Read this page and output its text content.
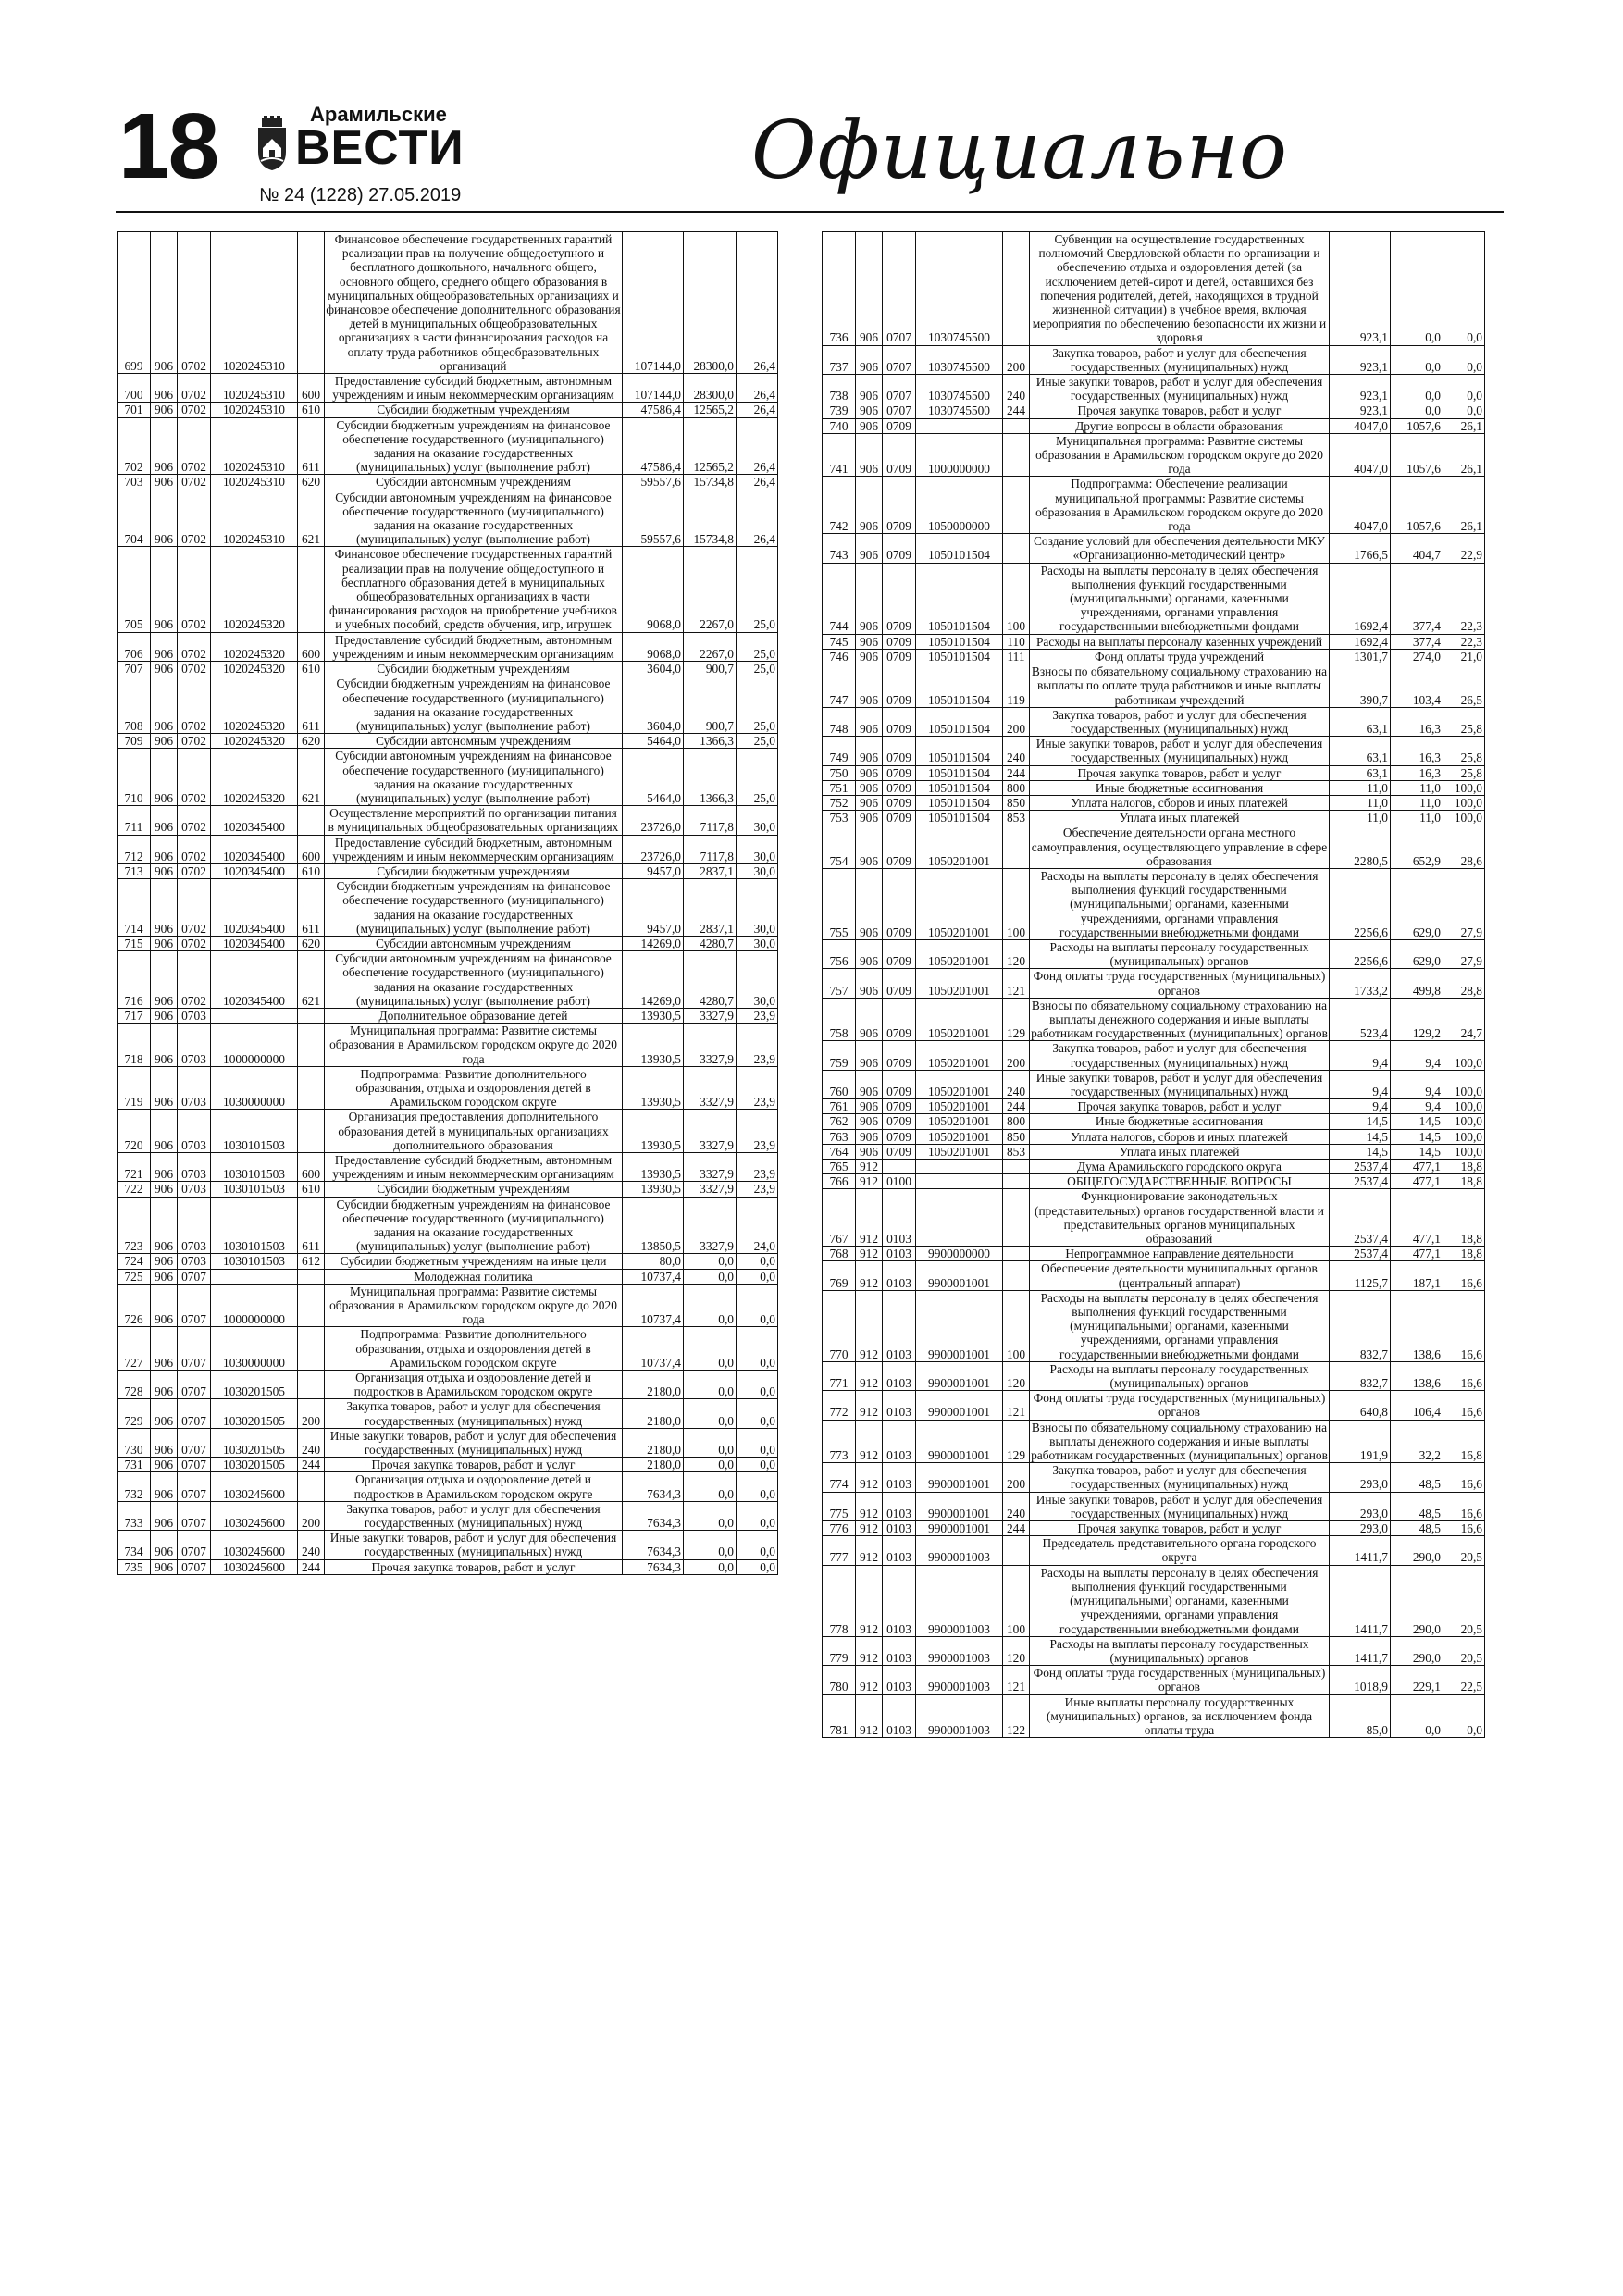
18	Арамильские
ВЕСТИ
№ 24 (1228) 27.05.2019	Официально
699	906	0702	1020245310		Финансовое обеспечение государственных гарантий реализации прав на получение общедоступного и бесплатного дошкольного, начального общего, основного общего, среднего общего образования в муниципальных общеобразовательных организациях и финансовое обеспечение дополнительного образования детей в муниципальных общеобразовательных организациях в части финансирования расходов на оплату труда работников общеобразовательных организаций	107144,0	28300,0	26,4
700	906	0702	1020245310	600	Предоставление субсидий бюджетным, автономным учреждениям и иным некоммерческим организациям	107144,0	28300,0	26,4
701	906	0702	1020245310	610	Субсидии бюджетным учреждениям	47586,4	12565,2	26,4
702	906	0702	1020245310	611	Субсидии бюджетным учреждениям на финансовое обеспечение государственного (муниципального) задания на оказание государственных (муниципальных) услуг (выполнение работ)	47586,4	12565,2	26,4
703	906	0702	1020245310	620	Субсидии автономным учреждениям	59557,6	15734,8	26,4
704	906	0702	1020245310	621	Субсидии автономным учреждениям на финансовое обеспечение государственного (муниципального) задания на оказание государственных (муниципальных) услуг (выполнение работ)	59557,6	15734,8	26,4
705	906	0702	1020245320		Финансовое обеспечение государственных гарантий реализации прав на получение общедоступного и бесплатного образования детей в муниципальных общеобразовательных организациях в части финансирования расходов на приобретение учебников и учебных пособий, средств обучения, игр, игрушек	9068,0	2267,0	25,0
706	906	0702	1020245320	600	Предоставление субсидий бюджетным, автономным учреждениям и иным некоммерческим организациям	9068,0	2267,0	25,0
707	906	0702	1020245320	610	Субсидии бюджетным учреждениям	3604,0	900,7	25,0
708	906	0702	1020245320	611	Субсидии бюджетным учреждениям на финансовое обеспечение государственного (муниципального) задания на оказание государственных (муниципальных) услуг (выполнение работ)	3604,0	900,7	25,0
709	906	0702	1020245320	620	Субсидии автономным учреждениям	5464,0	1366,3	25,0
710	906	0702	1020245320	621	Субсидии автономным учреждениям на финансовое обеспечение государственного (муниципального) задания на оказание государственных (муниципальных) услуг (выполнение работ)	5464,0	1366,3	25,0
711	906	0702	1020345400		Осуществление мероприятий по организации питания в муниципальных общеобразовательных организациях	23726,0	7117,8	30,0
712	906	0702	1020345400	600	Предоставление субсидий бюджетным, автономным учреждениям и иным некоммерческим организациям	23726,0	7117,8	30,0
713	906	0702	1020345400	610	Субсидии бюджетным учреждениям	9457,0	2837,1	30,0
714	906	0702	1020345400	611	Субсидии бюджетным учреждениям на финансовое обеспечение государственного (муниципального) задания на оказание государственных (муниципальных) услуг (выполнение работ)	9457,0	2837,1	30,0
715	906	0702	1020345400	620	Субсидии автономным учреждениям	14269,0	4280,7	30,0
716	906	0702	1020345400	621	Субсидии автономным учреждениям на финансовое обеспечение государственного (муниципального) задания на оказание государственных (муниципальных) услуг (выполнение работ)	14269,0	4280,7	30,0
717	906	0703			Дополнительное образование детей	13930,5	3327,9	23,9
718	906	0703	1000000000		Муниципальная программа: Развитие системы образования в Арамильском городском округе до 2020 года	13930,5	3327,9	23,9
719	906	0703	1030000000		Подпрограмма: Развитие дополнительного образования, отдыха и оздоровления детей в Арамильском городском округе	13930,5	3327,9	23,9
720	906	0703	1030101503		Организация предоставления дополнительного образования детей в муниципальных организациях дополнительного образования	13930,5	3327,9	23,9
721	906	0703	1030101503	600	Предоставление субсидий бюджетным, автономным учреждениям и иным некоммерческим организациям	13930,5	3327,9	23,9
722	906	0703	1030101503	610	Субсидии бюджетным учреждениям	13930,5	3327,9	23,9
723	906	0703	1030101503	611	Субсидии бюджетным учреждениям на финансовое обеспечение государственного (муниципального) задания на оказание государственных (муниципальных) услуг (выполнение работ)	13850,5	3327,9	24,0
724	906	0703	1030101503	612	Субсидии бюджетным учреждениям на иные цели	80,0	0,0	0,0
725	906	0707			Молодежная политика	10737,4	0,0	0,0
726	906	0707	1000000000		Муниципальная программа: Развитие системы образования в Арамильском городском округе до 2020 года	10737,4	0,0	0,0
727	906	0707	1030000000		Подпрограмма: Развитие дополнительного образования, отдыха и оздоровления детей в Арамильском городском округе	10737,4	0,0	0,0
728	906	0707	1030201505		Организация отдыха и оздоровление детей и подростков в Арамильском городском округе	2180,0	0,0	0,0
729	906	0707	1030201505	200	Закупка товаров, работ и услуг для обеспечения государственных (муниципальных) нужд	2180,0	0,0	0,0
730	906	0707	1030201505	240	Иные закупки товаров, работ и услуг для обеспечения государственных (муниципальных) нужд	2180,0	0,0	0,0
731	906	0707	1030201505	244	Прочая закупка товаров, работ и услуг	2180,0	0,0	0,0
732	906	0707	1030245600		Организация отдыха и оздоровление детей и подростков в Арамильском городском округе	7634,3	0,0	0,0
733	906	0707	1030245600	200	Закупка товаров, работ и услуг для обеспечения государственных (муниципальных) нужд	7634,3	0,0	0,0
734	906	0707	1030245600	240	Иные закупки товаров, работ и услуг для обеспечения государственных (муниципальных) нужд	7634,3	0,0	0,0
735	906	0707	1030245600	244	Прочая закупка товаров, работ и услуг	7634,3	0,0	0,0
736	906	0707	1030745500		Субвенции на осуществление государственных полномочий Свердловской области по организации и обеспечению отдыха и оздоровления детей (за исключением детей-сирот и детей, оставшихся без попечения родителей, детей, находящихся в трудной жизненной ситуации) в учебное время, включая мероприятия по обеспечению безопасности их жизни и здоровья	923,1	0,0	0,0
737	906	0707	1030745500	200	Закупка товаров, работ и услуг для обеспечения государственных (муниципальных) нужд	923,1	0,0	0,0
738	906	0707	1030745500	240	Иные закупки товаров, работ и услуг для обеспечения государственных (муниципальных) нужд	923,1	0,0	0,0
739	906	0707	1030745500	244	Прочая закупка товаров, работ и услуг	923,1	0,0	0,0
740	906	0709			Другие вопросы в области образования	4047,0	1057,6	26,1
741	906	0709	1000000000		Муниципальная программа: Развитие системы образования в Арамильском городском округе до 2020 года	4047,0	1057,6	26,1
742	906	0709	1050000000		Подпрограмма: Обеспечение реализации муниципальной программы: Развитие системы образования в Арамильском городском округе до 2020 года	4047,0	1057,6	26,1
743	906	0709	1050101504		Создание условий для обеспечения деятельности МКУ «Организационно-методический центр»	1766,5	404,7	22,9
744	906	0709	1050101504	100	Расходы на выплаты персоналу в целях обеспечения выполнения функций государственными (муниципальными) органами, казенными учреждениями, органами управления государственными внебюджетными фондами	1692,4	377,4	22,3
745	906	0709	1050101504	110	Расходы на выплаты персоналу казенных учреждений	1692,4	377,4	22,3
746	906	0709	1050101504	111	Фонд оплаты труда учреждений	1301,7	274,0	21,0
747	906	0709	1050101504	119	Взносы по обязательному социальному страхованию на выплаты по оплате труда работников и иные выплаты работникам учреждений	390,7	103,4	26,5
748	906	0709	1050101504	200	Закупка товаров, работ и услуг для обеспечения государственных (муниципальных) нужд	63,1	16,3	25,8
749	906	0709	1050101504	240	Иные закупки товаров, работ и услуг для обеспечения государственных (муниципальных) нужд	63,1	16,3	25,8
750	906	0709	1050101504	244	Прочая закупка товаров, работ и услуг	63,1	16,3	25,8
751	906	0709	1050101504	800	Иные бюджетные ассигнования	11,0	11,0	100,0
752	906	0709	1050101504	850	Уплата налогов, сборов и иных платежей	11,0	11,0	100,0
753	906	0709	1050101504	853	Уплата иных платежей	11,0	11,0	100,0
754	906	0709	1050201001		Обеспечение деятельности органа местного самоуправления, осуществляющего управление в сфере образования	2280,5	652,9	28,6
755	906	0709	1050201001	100	Расходы на выплаты персоналу в целях обеспечения выполнения функций государственными (муниципальными) органами, казенными учреждениями, органами управления государственными внебюджетными фондами	2256,6	629,0	27,9
756	906	0709	1050201001	120	Расходы на выплаты персоналу государственных (муниципальных) органов	2256,6	629,0	27,9
757	906	0709	1050201001	121	Фонд оплаты труда государственных (муниципальных) органов	1733,2	499,8	28,8
758	906	0709	1050201001	129	Взносы по обязательному социальному страхованию на выплаты денежного содержания и иные выплаты работникам государственных (муниципальных) органов	523,4	129,2	24,7
759	906	0709	1050201001	200	Закупка товаров, работ и услуг для обеспечения государственных (муниципальных) нужд	9,4	9,4	100,0
760	906	0709	1050201001	240	Иные закупки товаров, работ и услуг для обеспечения государственных (муниципальных) нужд	9,4	9,4	100,0
761	906	0709	1050201001	244	Прочая закупка товаров, работ и услуг	9,4	9,4	100,0
762	906	0709	1050201001	800	Иные бюджетные ассигнования	14,5	14,5	100,0
763	906	0709	1050201001	850	Уплата налогов, сборов и иных платежей	14,5	14,5	100,0
764	906	0709	1050201001	853	Уплата иных платежей	14,5	14,5	100,0
765	912				Дума Арамильского городского округа	2537,4	477,1	18,8
766	912	0100			ОБЩЕГОСУДАРСТВЕННЫЕ ВОПРОСЫ	2537,4	477,1	18,8
767	912	0103			Функционирование законодательных (представительных) органов государственной власти и представительных органов муниципальных образований	2537,4	477,1	18,8
768	912	0103	9900000000		Непрограммное направление деятельности	2537,4	477,1	18,8
769	912	0103	9900001001		Обеспечение деятельности муниципальных органов (центральный аппарат)	1125,7	187,1	16,6
770	912	0103	9900001001	100	Расходы на выплаты персоналу в целях обеспечения выполнения функций государственными (муниципальными) органами, казенными учреждениями, органами управления государственными внебюджетными фондами	832,7	138,6	16,6
771	912	0103	9900001001	120	Расходы на выплаты персоналу государственных (муниципальных) органов	832,7	138,6	16,6
772	912	0103	9900001001	121	Фонд оплаты труда государственных (муниципальных) органов	640,8	106,4	16,6
773	912	0103	9900001001	129	Взносы по обязательному социальному страхованию на выплаты денежного содержания и иные выплаты работникам государственных (муниципальных) органов	191,9	32,2	16,8
774	912	0103	9900001001	200	Закупка товаров, работ и услуг для обеспечения государственных (муниципальных) нужд	293,0	48,5	16,6
775	912	0103	9900001001	240	Иные закупки товаров, работ и услуг для обеспечения государственных (муниципальных) нужд	293,0	48,5	16,6
776	912	0103	9900001001	244	Прочая закупка товаров, работ и услуг	293,0	48,5	16,6
777	912	0103	9900001003		Председатель представительного органа городского округа	1411,7	290,0	20,5
778	912	0103	9900001003	100	Расходы на выплаты персоналу в целях обеспечения выполнения функций государственными (муниципальными) органами, казенными учреждениями, органами управления государственными внебюджетными фондами	1411,7	290,0	20,5
779	912	0103	9900001003	120	Расходы на выплаты персоналу государственных (муниципальных) органов	1411,7	290,0	20,5
780	912	0103	9900001003	121	Фонд оплаты труда государственных (муниципальных) органов	1018,9	229,1	22,5
781	912	0103	9900001003	122	Иные выплаты персоналу государственных (муниципальных) органов, за исключением фонда оплаты труда	85,0	0,0	0,0
